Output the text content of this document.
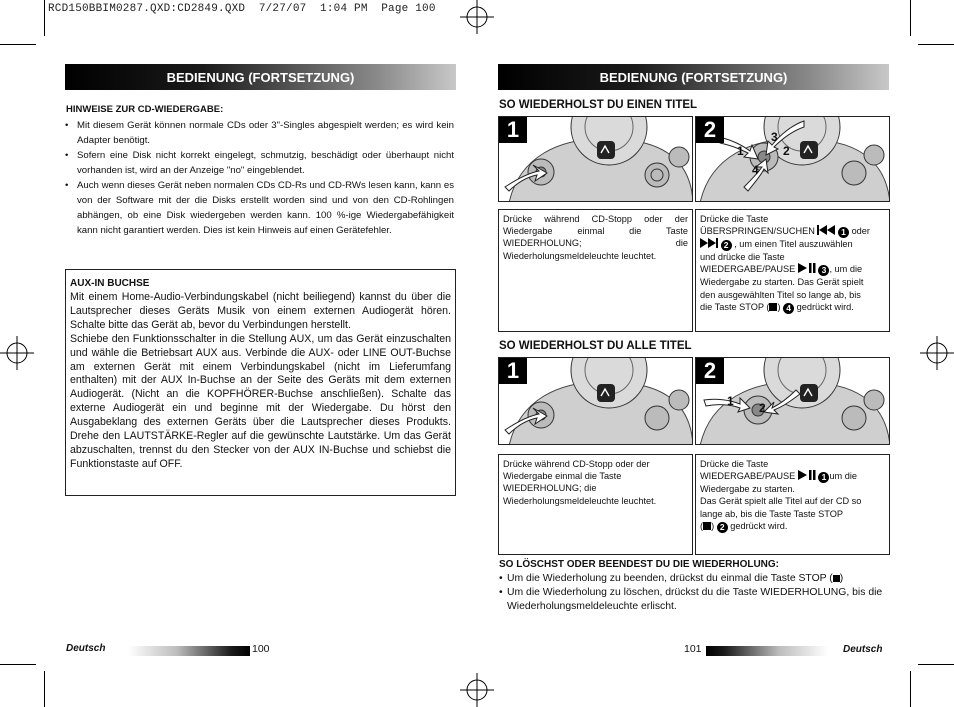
RCD150BBIM0287.QXD:CD2849.QXD  7/27/07  1:04 PM  Page 100
BEDIENUNG (FORTSETZUNG)
HINWEISE ZUR CD-WIEDERGABE:
• Mit diesem Gerät können normale CDs oder 3"-Singles abgespielt werden; es wird kein Adapter benötigt.
• Sofern eine Disk nicht korrekt eingelegt, schmutzig, beschädigt oder überhaupt nicht vorhanden ist, wird an der Anzeige "no" eingeblendet.
• Auch wenn dieses Gerät neben normalen CDs CD-Rs und CD-RWs lesen kann, kann es von der Software mit der die Disks erstellt worden sind und von den CD-Rohlingen abhängen, ob eine Disk wiedergeben werden kann. 100 %-ige Wiedergabefähigkeit kann nicht garantiert werden. Dies ist kein Hinweis auf einen Gerätefehler.
AUX-IN BUCHSE
Mit einem Home-Audio-Verbindungskabel (nicht beiliegend) kannst du über die Lautsprecher dieses Geräts Musik von einem externen Audiogerät hören. Schalte bitte das Gerät ab, bevor du Verbindungen herstellt.
Schiebe den Funktionsschalter in die Stellung AUX, um das Gerät einzuschalten und wähle die Betriebsart AUX aus. Verbinde die AUX- oder LINE OUT-Buchse am externen Gerät mit einem Verbindungskabel (nicht im Lieferumfang enthalten) mit der AUX In-Buchse an der Seite des Geräts mit dem externen Audiogerät. (Nicht an die KOPFHÖRER-Buchse anschließen). Schalte das externe Audiogerät ein und beginne mit der Wiedergabe. Du hörst den Ausgabeklang des externen Geräts über die Lautsprecher dieses Produkts. Drehe den LAUTSTÄRKE-Regler auf die gewünschte Lautstärke. Um das Gerät abzuschalten, trennst du den Stecker von der AUX IN-Buchse und schiebst die Funktionstaste auf OFF.
Deutsch	100
BEDIENUNG (FORTSETZUNG)
SO WIEDERHOLST DU EINEN TITEL
1	2
1	2
3
4
Drücke während CD-Stopp oder der Wiedergabe einmal die Taste WIEDERHOLUNG; die Wiederholungsmeldeleuchte leuchtet.
Drücke die Taste
ÜBERSPRINGEN/SUCHEN	1 oder
2 , um einen Titel auszuwählen
und drücke die Taste
WIEDERGABE/PAUSE	3 , um die
Wiedergabe zu starten. Das Gerät spielt
den ausgewählten Titel so lange ab, bis
die Taste STOP ( ) 4 gedrückt wird.
SO WIEDERHOLST DU ALLE TITEL
1	2
1 2
Drücke während CD-Stopp oder der Wiedergabe einmal die Taste WIEDERHOLUNG; die Wiederholungsmeldeleuchte leuchtet.
Drücke die Taste
WIEDERGABE/PAUSE	1 um die
Wiedergabe zu starten.
Das Gerät spielt alle Titel auf der CD so
lange ab, bis die Taste Taste STOP
( ) 2 gedrückt wird.
SO LÖSCHST ODER BEENDEST DU DIE WIEDERHOLUNG:
• Um die Wiederholung zu beenden, drückst du einmal die Taste STOP ( )
• Um die Wiederholung zu löschen, drückst du die Taste WIEDERHOLUNG, bis die Wiederholungsmeldeleuchte erlischt.
101	Deutsch
